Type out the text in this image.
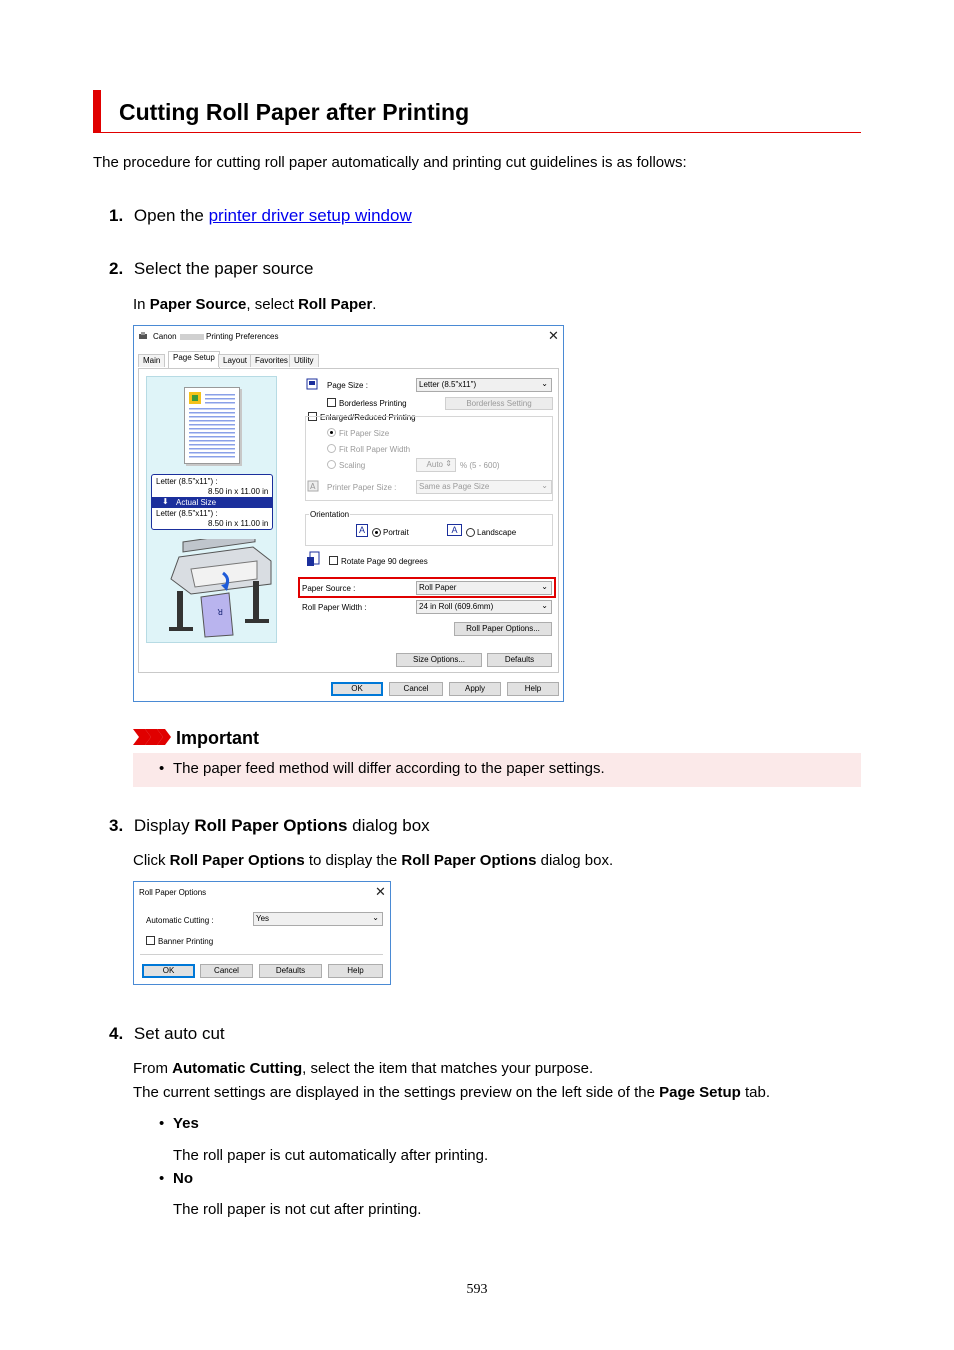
Cutting Roll Paper after Printing
The procedure for cutting roll paper automatically and printing cut guidelines is as follows:
1. Open the printer driver setup window
2. Select the paper source
In Paper Source, select Roll Paper.
Canon	Printing Preferences	✕
Main	Page Setup	Layout Favorites Utility
Letter (8.5"x11") :
8.50 in x 11.00 in
⬇ Actual Size
Letter (8.5"x11") :
8.50 in x 11.00 in
R
Page Size :	Letter (8.5"x11")	⌄
Borderless Printing	Borderless Setting
Enlarged/Reduced Printing
Fit Paper Size
Fit Roll Paper Width
Scaling	Auto ⇕ % (5 - 600)
A Printer Paper Size :	Same as Page Size	⌄
Orientation
A	Portrait	A	Landscape
Rotate Page 90 degrees
Paper Source :	Roll Paper	⌄
Roll Paper Width :	24 in Roll (609.6mm)	⌄
Roll Paper Options...
Size Options...	Defaults
OK	Cancel	Apply	Help
Important
• The paper feed method will differ according to the paper settings.
3. Display Roll Paper Options dialog box
Click Roll Paper Options to display the Roll Paper Options dialog box.
Roll Paper Options	✕
Automatic Cutting :	Yes	⌄
Banner Printing
OK	Cancel	Defaults	Help
4. Set auto cut
From Automatic Cutting, select the item that matches your purpose.
The current settings are displayed in the settings preview on the left side of the Page Setup tab.
• Yes
The roll paper is cut automatically after printing.
• No
The roll paper is not cut after printing.
593
